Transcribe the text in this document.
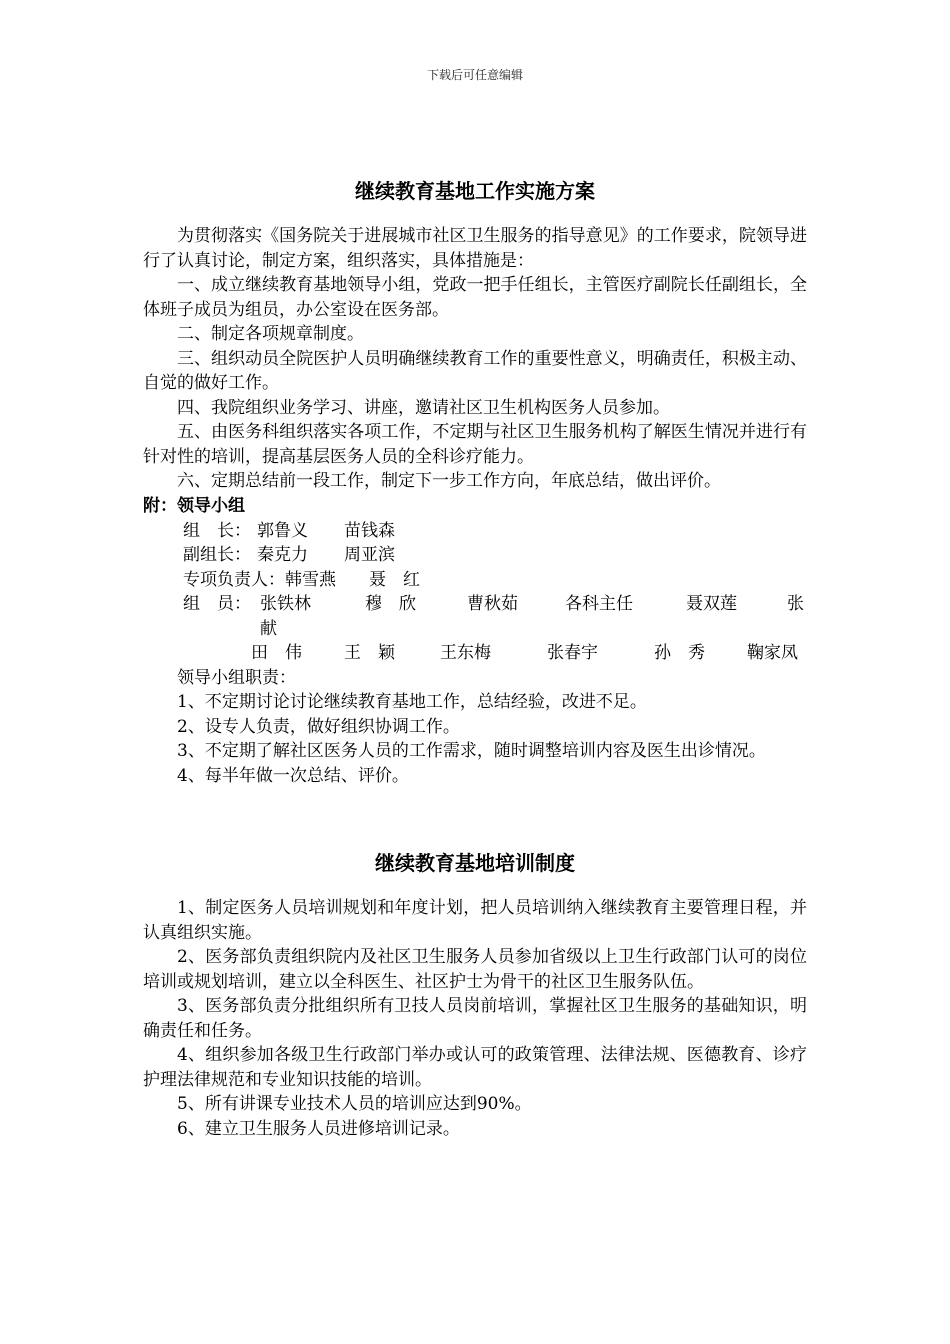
下载后可任意编辑
继续教育基地工作实施方案

为贯彻落实《国务院关于进展城市社区卫生服务的指导意见》的工作要求，院领导进行了认真讨论，制定方案，组织落实，具体措施是：

一、成立继续教育基地领导小组，党政一把手任组长，主管医疗副院长任副组长，全体班子成员为组员，办公室设在医务部。

二、制定各项规章制度。

三、组织动员全院医护人员明确继续教育工作的重要性意义，明确责任，积极主动、自觉的做好工作。

四、我院组织业务学习、讲座，邀请社区卫生机构医务人员参加。

五、由医务科组织落实各项工作，不定期与社区卫生服务机构了解医生情况并进行有针对性的培训，提高基层医务人员的全科诊疗能力。

六、定期总结前一段工作，制定下一步工作方向，年底总结，做出评价。

附：领导小组

组　长： 郭鲁义 苗钱森
副组长： 秦克力 周亚滨
专项负责人： 韩雪燕 聂　红
组　员： 张铁林	穆　欣	曹秋茹	各科主任	聂双莲	张
献
田　伟 王　颖	王东梅	张春宇	孙　秀 鞠家凤

领导小组职责：

1、不定期讨论讨论继续教育基地工作，总结经验，改进不足。

2、设专人负责，做好组织协调工作。

3、不定期了解社区医务人员的工作需求，随时调整培训内容及医生出诊情况。

4、每半年做一次总结、评价。

继续教育基地培训制度

1、制定医务人员培训规划和年度计划，把人员培训纳入继续教育主要管理日程，并认真组织实施。

2、医务部负责组织院内及社区卫生服务人员参加省级以上卫生行政部门认可的岗位培训或规划培训，建立以全科医生、社区护士为骨干的社区卫生服务队伍。

3、医务部负责分批组织所有卫技人员岗前培训，掌握社区卫生服务的基础知识，明确责任和任务。

4、组织参加各级卫生行政部门举办或认可的政策管理、法律法规、医德教育、诊疗护理法律规范和专业知识技能的培训。

5、所有讲课专业技术人员的培训应达到90%。

6、建立卫生服务人员进修培训记录。
